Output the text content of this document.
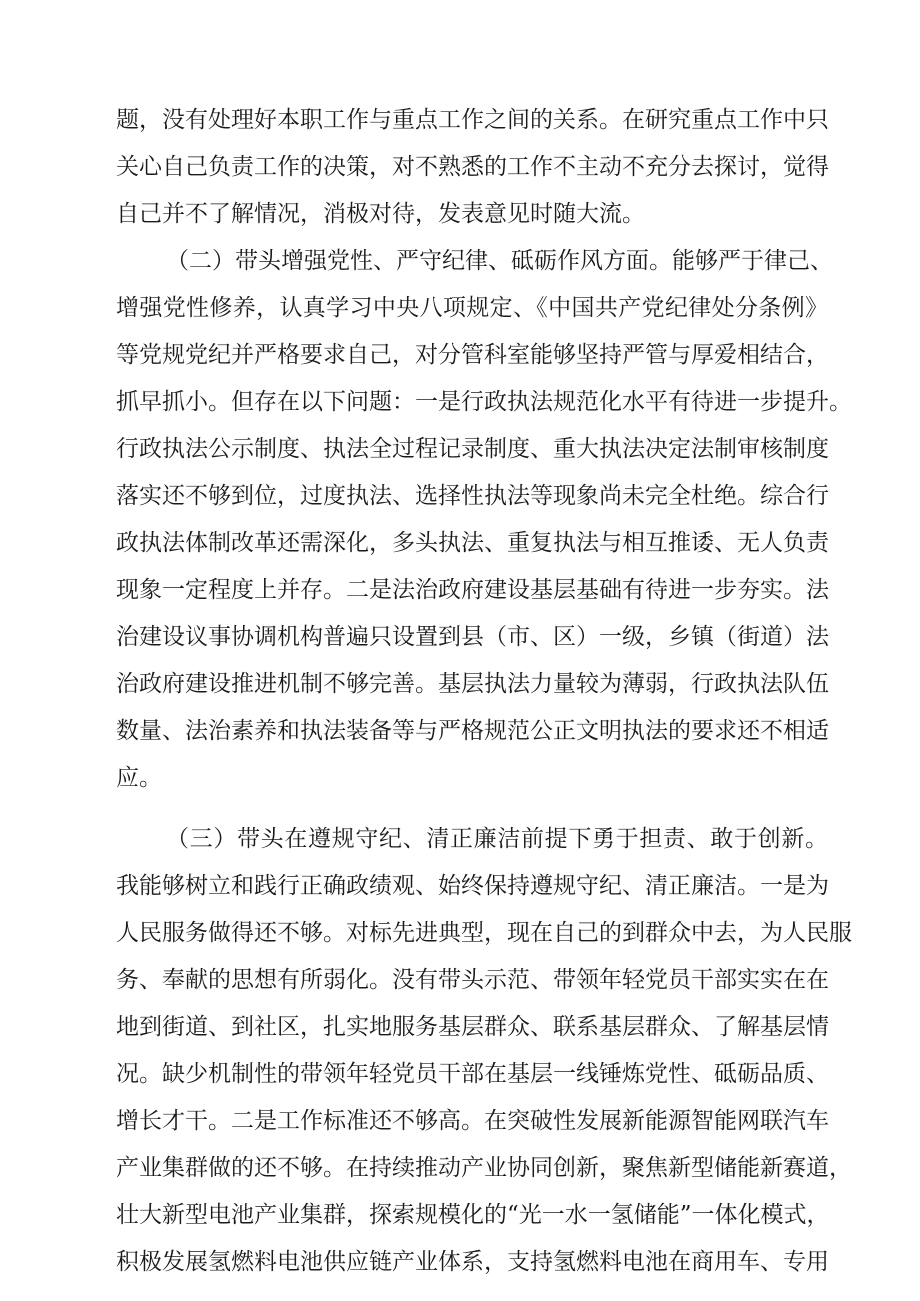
题，没有处理好本职工作与重点工作之间的关系。在研究重点工作中只
关心自己负责工作的决策，对不熟悉的工作不主动不充分去探讨，觉得
自己并不了解情况，消极对待，发表意见时随大流。
（二）带头增强党性、严守纪律、砥砺作风方面。能够严于律己、
增强党性修养，认真学习中央八项规定、《中国共产党纪律处分条例》
等党规党纪并严格要求自己，对分管科室能够坚持严管与厚爱相结合，
抓早抓小。但存在以下问题：一是行政执法规范化水平有待进一步提升。
行政执法公示制度、执法全过程记录制度、重大执法决定法制审核制度
落实还不够到位，过度执法、选择性执法等现象尚未完全杜绝。综合行
政执法体制改革还需深化，多头执法、重复执法与相互推诿、无人负责
现象一定程度上并存。二是法治政府建设基层基础有待进一步夯实。法
治建设议事协调机构普遍只设置到县（市、区）一级，乡镇（街道）法
治政府建设推进机制不够完善。基层执法力量较为薄弱，行政执法队伍
数量、法治素养和执法装备等与严格规范公正文明执法的要求还不相适
应。
（三）带头在遵规守纪、清正廉洁前提下勇于担责、敢于创新。
我能够树立和践行正确政绩观、始终保持遵规守纪、清正廉洁。一是为
人民服务做得还不够。对标先进典型，现在自己的到群众中去，为人民服
务、奉献的思想有所弱化。没有带头示范、带领年轻党员干部实实在在
地到街道、到社区，扎实地服务基层群众、联系基层群众、了解基层情
况。缺少机制性的带领年轻党员干部在基层一线锤炼党性、砥砺品质、
增长才干。二是工作标准还不够高。在突破性发展新能源智能网联汽车
产业集群做的还不够。在持续推动产业协同创新，聚焦新型储能新赛道，
壮大新型电池产业集群，探索规模化的“光一水一氢储能”一体化模式，
积极发展氢燃料电池供应链产业体系，支持氢燃料电池在商用车、专用
